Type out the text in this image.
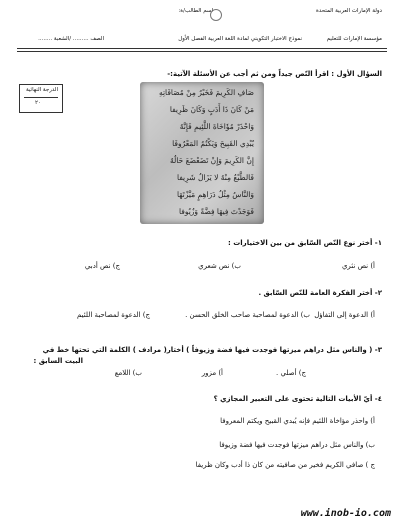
دولة الإمارات العربية المتحدة
اسم الطالب/ة:
مؤسسة الإمارات للتعليم
نموذج الاختبار التكويني لمادة اللغة العربية الفصل الأول
الصف ......... /الشعبة ........
الدرجة النهائية
٢٠
السؤال الأول : اقرأ النّص جيداً ومن ثم أجب عن الأسئلة الآتية:-
صَافِ الكَرِيمَ فَخَيْرٌ مِنْ مُصَافَاتِهِ
مَنْ كَانَ ذَا أَدَبٍ وَكَانَ ظَرِيفا
وَاحْذَرْ مُؤَاخَاةَ اللَّئِيمِ فَإِنَّهُ
يُبْدِي القَبِيحَ وَيَكْتُمُ المَعْرُوفَا
إِنَّ الكَرِيمَ وَإِنْ تَضَعْضَعَ حَالُهُ
فَالطَّبْعُ مِنْهُ لا يَزَالُ شَرِيفا
وَالنَّاسُ مِثْلُ دَرَاهِمٍ مَيَّزْتَهَا
فَوَجَدْتَ فِيهَا فِضَّةً وَزُيُوفا
١- أختر نوع النّص السّابق من بين الاختيارات :
أ) نص نثري
ب) نص شعري
ج) نص أدبي
٢- أختر الفكرة العامة للنّص السّابق .
أ) الدعوة إلى التفاؤل
ب) الدعوة لمصاحبة صاحب الخلق الحسن .
ج) الدعوة لمصاحبة اللئيم
٣- ( والناس مثل دراهم ميزتها فوجدت فيها فضة وزيوفاً ) أختار( مرادف ) الكلمة التي تحتها خط في
البيت السابق :
أ) مزور
ب) اللامع	ج) أصلي .
٤- أيّ الأبيات التالية تحتوى على التعبير المجازي ؟
أ) واحذر مؤاخاة اللئيم فإنه يُبدي القبيح ويكتم المعروفا
ب) والناس مثل دراهم ميزتها فوجدت فيها فضة وزيوفا
ج ) صافي الكريم فخير من صافيته من كان ذا أدب وكان ظريفا
www.inob-io.com
